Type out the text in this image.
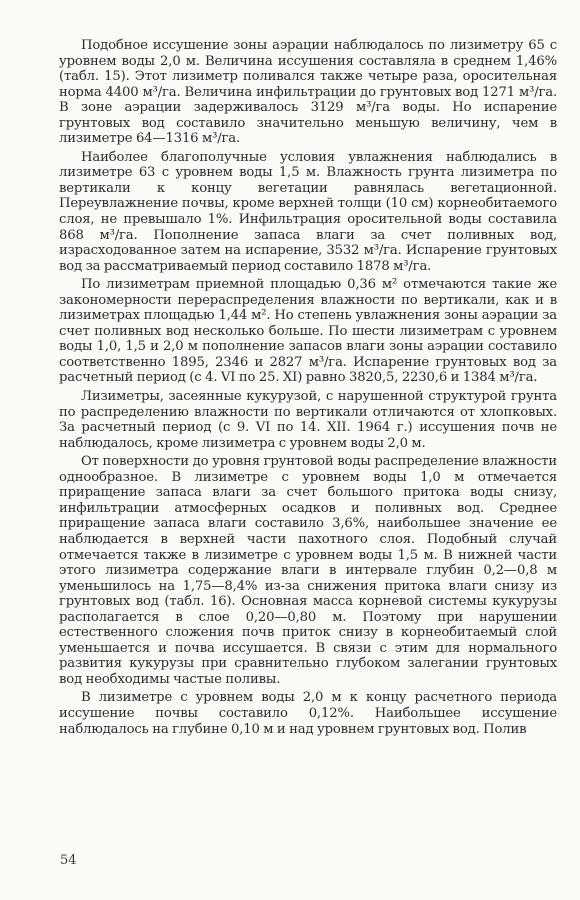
Подобное иссушение зоны аэрации наблюдалось по лизиметру 65 с уровнем воды 2,0 м. Величина иссушения составляла в среднем 1,46% (табл. 15). Этот лизиметр поливался также четыре раза, оросительная норма 4400 м³/га. Величина инфильтрации до грунтовых вод 1271 м³/га. В зоне аэрации задерживалось 3129 м³/га воды. Но испарение грунтовых вод составило значительно меньшую величину, чем в лизиметре 64—1316 м³/га.

Наиболее благополучные условия увлажнения наблюдались в лизиметре 63 с уровнем воды 1,5 м. Влажность грунта лизиметра по вертикали к концу вегетации равнялась вегетационной. Переувлажнение почвы, кроме верхней толщи (10 см) корнеобитаемого слоя, не превышало 1%. Инфильтрация оросительной воды составила 868 м³/га. Пополнение запаса влаги за счет поливных вод, израсходованное затем на испарение, 3532 м³/га. Испарение грунтовых вод за рассматриваемый период составило 1878 м³/га.

По лизиметрам приемной площадью 0,36 м² отмечаются такие же закономерности перераспределения влажности по вертикали, как и в лизиметрах площадью 1,44 м². Но степень увлажнения зоны аэрации за счет поливных вод несколько больше. По шести лизиметрам с уровнем воды 1,0, 1,5 и 2,0 м пополнение запасов влаги зоны аэрации составило соответственно 1895, 2346 и 2827 м³/га. Испарение грунтовых вод за расчетный период (с 4. VI по 25. XI) равно 3820,5, 2230,6 и 1384 м³/га.

Лизиметры, засеянные кукурузой, с нарушенной структурой грунта по распределению влажности по вертикали отличаются от хлопковых. За расчетный период (с 9. VI по 14. XII. 1964 г.) иссушения почв не наблюдалось, кроме лизиметра с уровнем воды 2,0 м.

От поверхности до уровня грунтовой воды распределение влажности однообразное. В лизиметре с уровнем воды 1,0 м отмечается приращение запаса влаги за счет большого притока воды снизу, инфильтрации атмосферных осадков и поливных вод. Среднее приращение запаса влаги составило 3,6%, наибольшее значение ее наблюдается в верхней части пахотного слоя. Подобный случай отмечается также в лизиметре с уровнем воды 1,5 м. В нижней части этого лизиметра содержание влаги в интервале глубин 0,2—0,8 м уменьшилось на 1,75—8,4% из-за снижения притока влаги снизу из грунтовых вод (табл. 16). Основная масса корневой системы кукурузы располагается в слое 0,20—0,80 м. Поэтому при нарушении естественного сложения почв приток снизу в корнеобитаемый слой уменьшается и почва иссушается. В связи с этим для нормального развития кукурузы при сравнительно глубоком залегании грунтовых вод необходимы частые поливы.

В лизиметре с уровнем воды 2,0 м к концу расчетного периода иссушение почвы составило 0,12%. Наибольшее иссушение наблюдалось на глубине 0,10 м и над уровнем грунтовых вод. Полив

54
